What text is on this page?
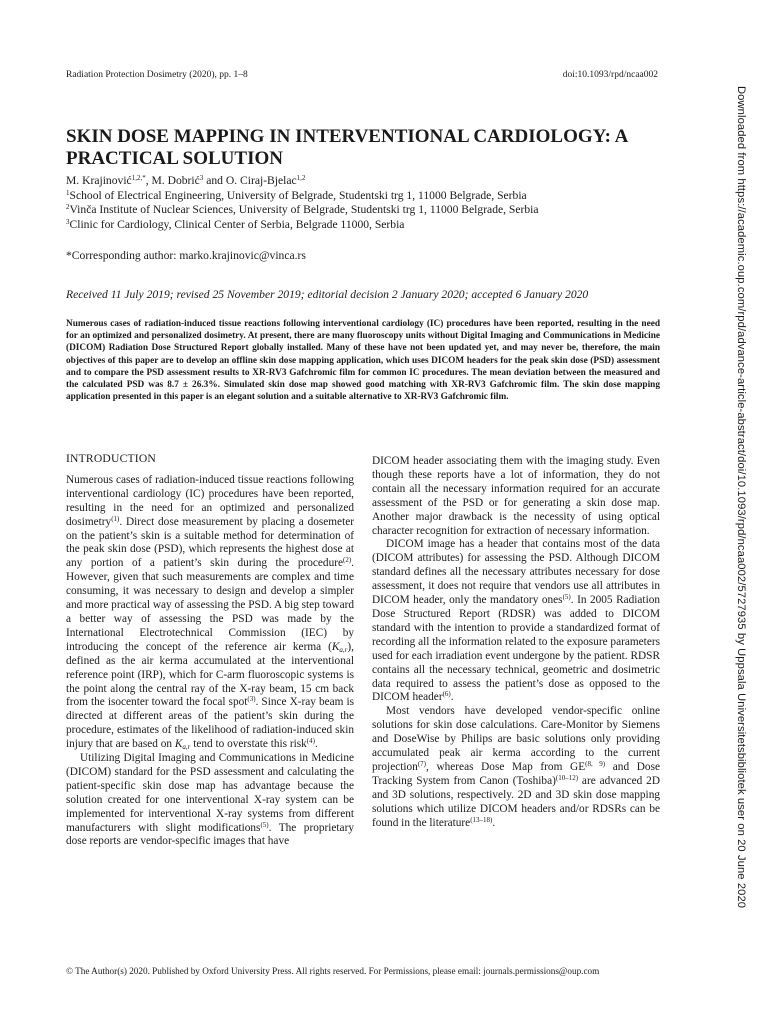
Radiation Protection Dosimetry (2020), pp. 1–8	doi:10.1093/rpd/ncaa002
Downloaded from https://academic.oup.com/rpd/advance-article-abstract/doi/10.1093/rpd/ncaa002/5727935 by Uppsala Universitetsbibliotek user on 20 June 2020
SKIN DOSE MAPPING IN INTERVENTIONAL CARDIOLOGY: A PRACTICAL SOLUTION

M. Krajinović$^{1,2,*}$, M. Dobrić$^3$ and O. Ciraj-Bjelac$^{1,2}$

$^1$School of Electrical Engineering, University of Belgrade, Studentski trg 1, 11000 Belgrade, Serbia

$^2$Vinča Institute of Nuclear Sciences, University of Belgrade, Studentski trg 1, 11000 Belgrade, Serbia

$^3$Clinic for Cardiology, Clinical Center of Serbia, Belgrade 11000, Serbia

*Corresponding author: marko.krajinovic@vinca.rs
Received 11 July 2019; revised 25 November 2019; editorial decision 2 January 2020; accepted 6 January 2020

Numerous cases of radiation-induced tissue reactions following interventional cardiology (IC) procedures have been reported, resulting in the need for an optimized and personalized dosimetry. At present, there are many fluoroscopy units without Digital Imaging and Communications in Medicine (DICOM) Radiation Dose Structured Report globally installed. Many of these have not been updated yet, and may never be, therefore, the main objectives of this paper are to develop an offline skin dose mapping application, which uses DICOM headers for the peak skin dose (PSD) assessment and to compare the PSD assessment results to XR-RV3 Gafchromic film for common IC procedures. The mean deviation between the measured and the calculated PSD was 8.7 ± 26.3%. Simulated skin dose map showed good matching with XR-RV3 Gafchromic film. The skin dose mapping application presented in this paper is an elegant solution and a suitable alternative to XR-RV3 Gafchromic film.

INTRODUCTION

Numerous cases of radiation-induced tissue reactions following interventional cardiology (IC) procedures have been reported, resulting in the need for an optimized and personalized dosimetry$^{(1)}$. Direct dose measurement by placing a dosemeter on the patient’s skin is a suitable method for determination of the peak skin dose (PSD), which represents the highest dose at any portion of a patient’s skin during the procedure$^{(2)}$. However, given that such measurements are complex and time consuming, it was necessary to design and develop a simpler and more practical way of assessing the PSD. A big step toward a better way of assessing the PSD was made by the International Electrotechnical Commission (IEC) by introducing the concept of the reference air kerma $(K_{a,r})$, defined as the air kerma accumulated at the interventional reference point (IRP), which for C-arm fluoroscopic systems is the point along the central ray of the X-ray beam, 15 cm back from the isocenter toward the focal spot$^{(3)}$. Since X-ray beam is directed at different areas of the patient’s skin during the procedure, estimates of the likelihood of radiation-induced skin injury that are based on $K_{a,r}$ tend to overstate this risk$^{(4)}$.

Utilizing Digital Imaging and Communications in Medicine (DICOM) standard for the PSD assessment and calculating the patient-specific skin dose map has advantage because the solution created for one interventional X-ray system can be implemented for interventional X-ray systems from different manufacturers with slight modifications$^{(5)}$. The proprietary dose reports are vendor-specific images that have

DICOM header associating them with the imaging study. Even though these reports have a lot of information, they do not contain all the necessary information required for an accurate assessment of the PSD or for generating a skin dose map. Another major drawback is the necessity of using optical character recognition for extraction of necessary information.

DICOM image has a header that contains most of the data (DICOM attributes) for assessing the PSD. Although DICOM standard defines all the necessary attributes necessary for dose assessment, it does not require that vendors use all attributes in DICOM header, only the mandatory ones$^{(5)}$. In 2005 Radiation Dose Structured Report (RDSR) was added to DICOM standard with the intention to provide a standardized format of recording all the information related to the exposure parameters used for each irradiation event undergone by the patient. RDSR contains all the necessary technical, geometric and dosimetric data required to assess the patient’s dose as opposed to the DICOM header$^{(6)}$.

Most vendors have developed vendor-specific online solutions for skin dose calculations. Care-Monitor by Siemens and DoseWise by Philips are basic solutions only providing accumulated peak air kerma according to the current projection$^{(7)}$, whereas Dose Map from GE$^{(8, 9)}$ and Dose Tracking System from Canon (Toshiba)$^{(10-12)}$ are advanced 2D and 3D solutions, respectively. 2D and 3D skin dose mapping solutions which utilize DICOM headers and/or RDSRs can be found in the literature$^{(13-18)}$.

© The Author(s) 2020. Published by Oxford University Press. All rights reserved. For Permissions, please email: journals.permissions@oup.com
